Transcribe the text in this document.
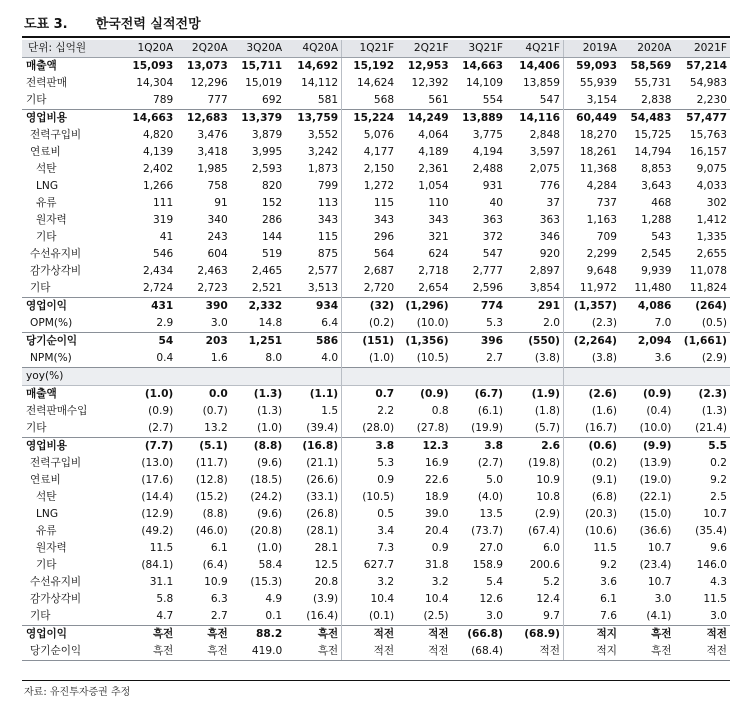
도표 3. 한국전력 실적전망
단위: 십억원	1Q20A	2Q20A	3Q20A	4Q20A	1Q21F	2Q21F	3Q21F	4Q21F	2019A	2020A	2021F
매출액	15,093	13,073	15,711	14,692	15,192	12,953	14,663	14,406	59,093	58,569	57,214
전력판매	14,304	12,296	15,019	14,112	14,624	12,392	14,109	13,859	55,939	55,731	54,983
기타	789	777	692	581	568	561	554	547	3,154	2,838	2,230
영업비용	14,663	12,683	13,379	13,759	15,224	14,249	13,889	14,116	60,449	54,483	57,477
전력구입비	4,820	3,476	3,879	3,552	5,076	4,064	3,775	2,848	18,270	15,725	15,763
연료비	4,139	3,418	3,995	3,242	4,177	4,189	4,194	3,597	18,261	14,794	16,157
석탄	2,402	1,985	2,593	1,873	2,150	2,361	2,488	2,075	11,368	8,853	9,075
LNG	1,266	758	820	799	1,272	1,054	931	776	4,284	3,643	4,033
유류	111	91	152	113	115	110	40	37	737	468	302
원자력	319	340	286	343	343	343	363	363	1,163	1,288	1,412
기타	41	243	144	115	296	321	372	346	709	543	1,335
수선유지비	546	604	519	875	564	624	547	920	2,299	2,545	2,655
감가상각비	2,434	2,463	2,465	2,577	2,687	2,718	2,777	2,897	9,648	9,939	11,078
기타	2,724	2,723	2,521	3,513	2,720	2,654	2,596	3,854	11,972	11,480	11,824
영업이익	431	390	2,332	934	(32)	(1,296)	774	291	(1,357)	4,086	(264)
OPM(%)	2.9	3.0	14.8	6.4	(0.2)	(10.0)	5.3	2.0	(2.3)	7.0	(0.5)
당기순이익	54	203	1,251	586	(151)	(1,356)	396	(550)	(2,264)	2,094	(1,661)
NPM(%)	0.4	1.6	8.0	4.0	(1.0)	(10.5)	2.7	(3.8)	(3.8)	3.6	(2.9)
yoy(%)											
매출액	(1.0)	0.0	(1.3)	(1.1)	0.7	(0.9)	(6.7)	(1.9)	(2.6)	(0.9)	(2.3)
전력판매수입	(0.9)	(0.7)	(1.3)	1.5	2.2	0.8	(6.1)	(1.8)	(1.6)	(0.4)	(1.3)
기타	(2.7)	13.2	(1.0)	(39.4)	(28.0)	(27.8)	(19.9)	(5.7)	(16.7)	(10.0)	(21.4)
영업비용	(7.7)	(5.1)	(8.8)	(16.8)	3.8	12.3	3.8	2.6	(0.6)	(9.9)	5.5
전력구입비	(13.0)	(11.7)	(9.6)	(21.1)	5.3	16.9	(2.7)	(19.8)	(0.2)	(13.9)	0.2
연료비	(17.6)	(12.8)	(18.5)	(26.6)	0.9	22.6	5.0	10.9	(9.1)	(19.0)	9.2
석탄	(14.4)	(15.2)	(24.2)	(33.1)	(10.5)	18.9	(4.0)	10.8	(6.8)	(22.1)	2.5
LNG	(12.9)	(8.8)	(9.6)	(26.8)	0.5	39.0	13.5	(2.9)	(20.3)	(15.0)	10.7
유류	(49.2)	(46.0)	(20.8)	(28.1)	3.4	20.4	(73.7)	(67.4)	(10.6)	(36.6)	(35.4)
원자력	11.5	6.1	(1.0)	28.1	7.3	0.9	27.0	6.0	11.5	10.7	9.6
기타	(84.1)	(6.4)	58.4	12.5	627.7	31.8	158.9	200.6	9.2	(23.4)	146.0
수선유지비	31.1	10.9	(15.3)	20.8	3.2	3.2	5.4	5.2	3.6	10.7	4.3
감가상각비	5.8	6.3	4.9	(3.9)	10.4	10.4	12.6	12.4	6.1	3.0	11.5
기타	4.7	2.7	0.1	(16.4)	(0.1)	(2.5)	3.0	9.7	7.6	(4.1)	3.0
영업이익	흑전	흑전	88.2	흑전	적전	적전	(66.8)	(68.9)	적지	흑전	적전
당기순이익	흑전	흑전	419.0	흑전	적전	적전	(68.4)	적전	적지	흑전	적전
자료: 유진투자증권 추정
